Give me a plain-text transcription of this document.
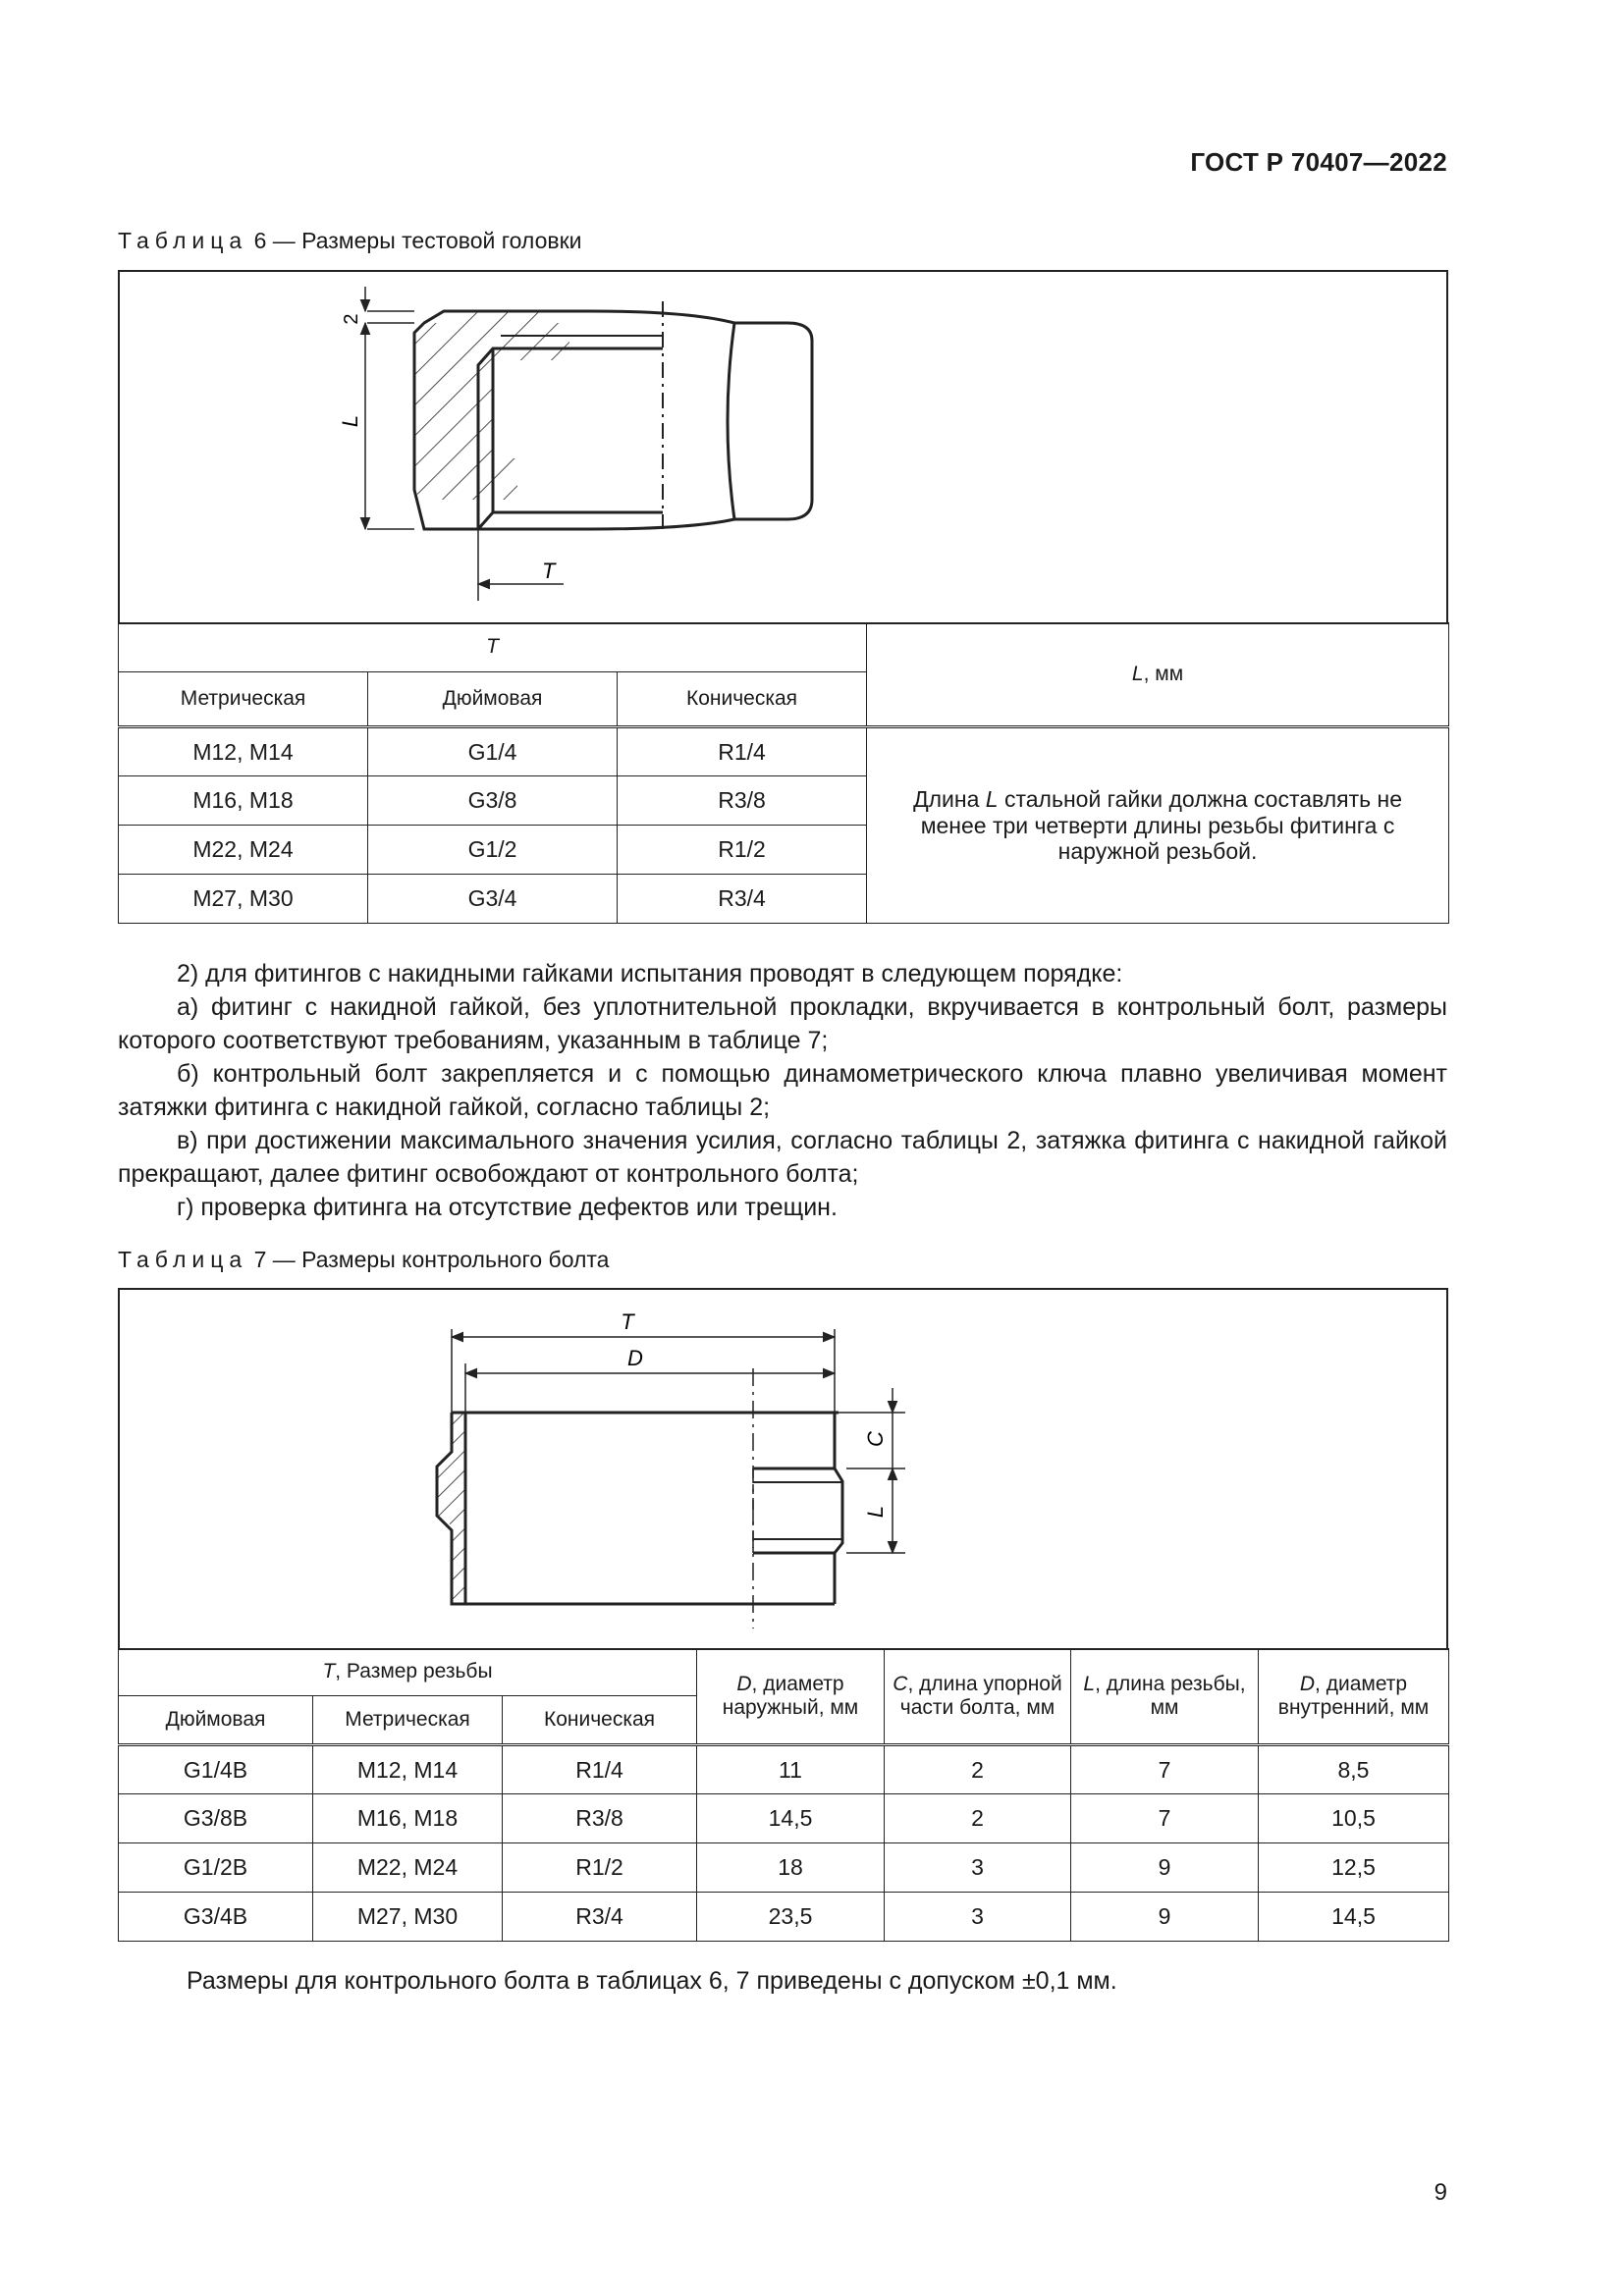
ГОСТ Р 70407—2022
Таблица 6 — Размеры тестовой головки
2
L
T
T			L, мм
Метрическая	Дюймовая	Коническая	
M12, M14	G1/4	R1/4	Длина L стальной гайки должна составлять не менее три четверти длины резьбы фитинга с наружной резьбой.
M16, M18	G3/8	R3/8	
M22, M24	G1/2	R1/2	
M27, M30	G3/4	R3/4	

2) для фитингов с накидными гайками испытания проводят в следующем порядке:

а) фитинг с накидной гайкой, без уплотнительной прокладки, вкручивается в контрольный болт, размеры которого соответствуют требованиям, указанным в таблице 7;

б) контрольный болт закрепляется и с помощью динамометрического ключа плавно увеличивая момент затяжки фитинга с накидной гайкой, согласно таблицы 2;

в) при достижении максимального значения усилия, согласно таблицы 2, затяжка фитинга с накидной гайкой прекращают, далее фитинг освобождают от контрольного болта;

г) проверка фитинга на отсутствие дефектов или трещин.

Таблица 7 — Размеры контрольного болта
T
D
C
L
T, Размер резьбы			D, диаметр наружный, мм	C, длина упорной части болта, мм	L, длина резьбы, мм	D, диаметр внутренний, мм
Дюймовая	Метрическая	Коническая				
G1/4B	M12, M14	R1/4	11	2	7	8,5
G3/8B	M16, M18	R3/8	14,5	2	7	10,5
G1/2B	M22, M24	R1/2	18	3	9	12,5
G3/4B	M27, M30	R3/4	23,5	3	9	14,5
Размеры для контрольного болта в таблицах 6, 7 приведены с допуском ±0,1 мм.
9
